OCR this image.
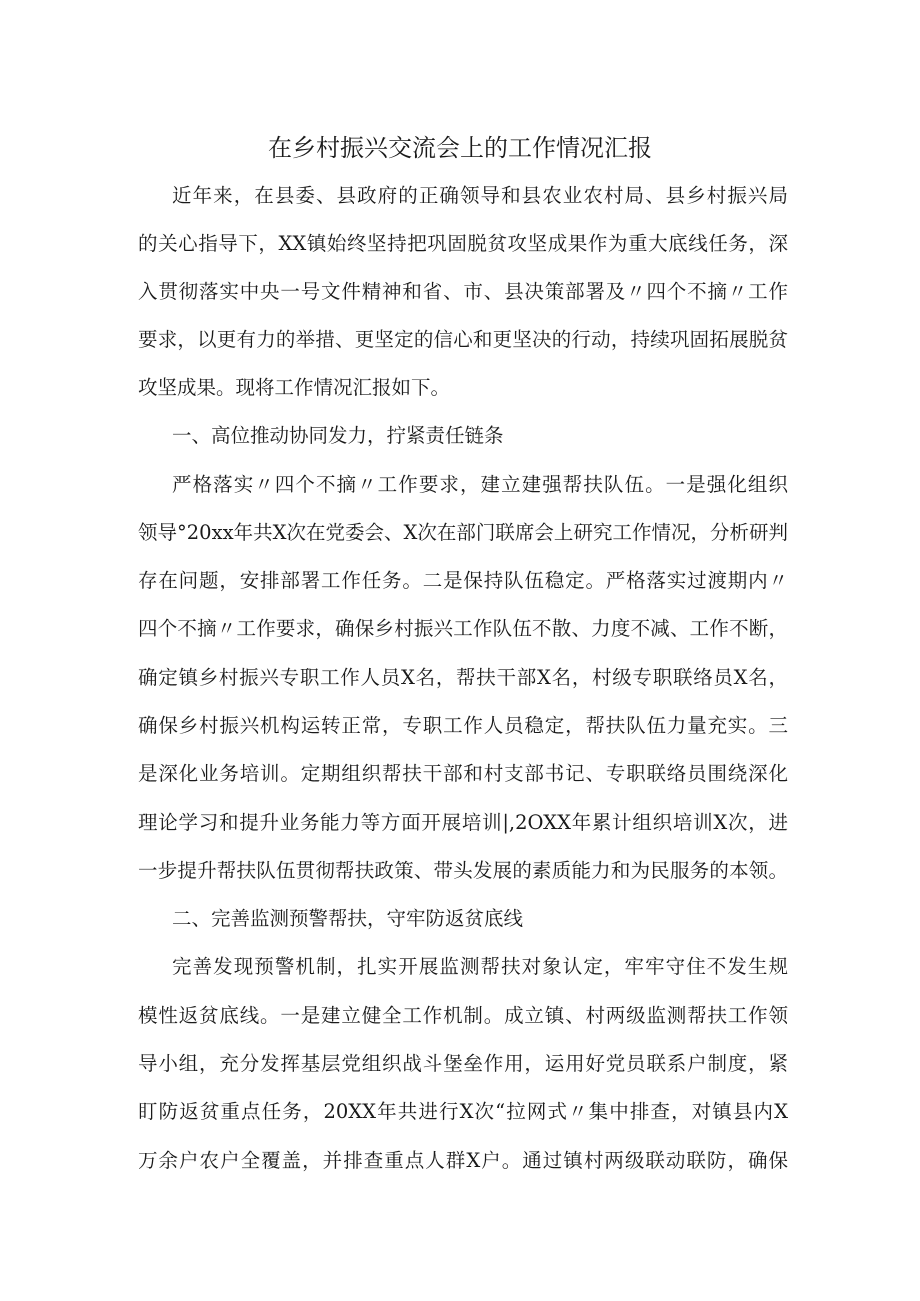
在乡村振兴交流会上的工作情况汇报
近年来，在县委、县政府的正确领导和县农业农村局、县乡村振兴局
的关心指导下，XX镇始终坚持把巩固脱贫攻坚成果作为重大底线任务，深
入贯彻落实中央一号文件精神和省、市、县决策部署及〃四个不摘〃工作
要求，以更有力的举措、更坚定的信心和更坚决的行动，持续巩固拓展脱贫
攻坚成果。现将工作情况汇报如下。
一、高位推动协同发力，拧紧责任链条
严格落实〃四个不摘〃工作要求，建立建强帮扶队伍。一是强化组织
领导°20xx年共X次在党委会、X次在部门联席会上研究工作情况，分析研判
存在问题，安排部署工作任务。二是保持队伍稳定。严格落实过渡期内〃
四个不摘〃工作要求，确保乡村振兴工作队伍不散、力度不减、工作不断，
确定镇乡村振兴专职工作人员X名，帮扶干部X名，村级专职联络员X名，
确保乡村振兴机构运转正常，专职工作人员稳定，帮扶队伍力量充实。三
是深化业务培训。定期组织帮扶干部和村支部书记、专职联络员围绕深化
理论学习和提升业务能力等方面开展培训|,2OXX年累计组织培训X次，进
一步提升帮扶队伍贯彻帮扶政策、带头发展的素质能力和为民服务的本领。
二、完善监测预警帮扶，守牢防返贫底线
完善发现预警机制，扎实开展监测帮扶对象认定，牢牢守住不发生规
模性返贫底线。一是建立健全工作机制。成立镇、村两级监测帮扶工作领
导小组，充分发挥基层党组织战斗堡垒作用，运用好党员联系户制度，紧
盯防返贫重点任务，20XX年共进行X次“拉网式〃集中排查，对镇县内X
万余户农户全覆盖，并排查重点人群X户。通过镇村两级联动联防，确保
